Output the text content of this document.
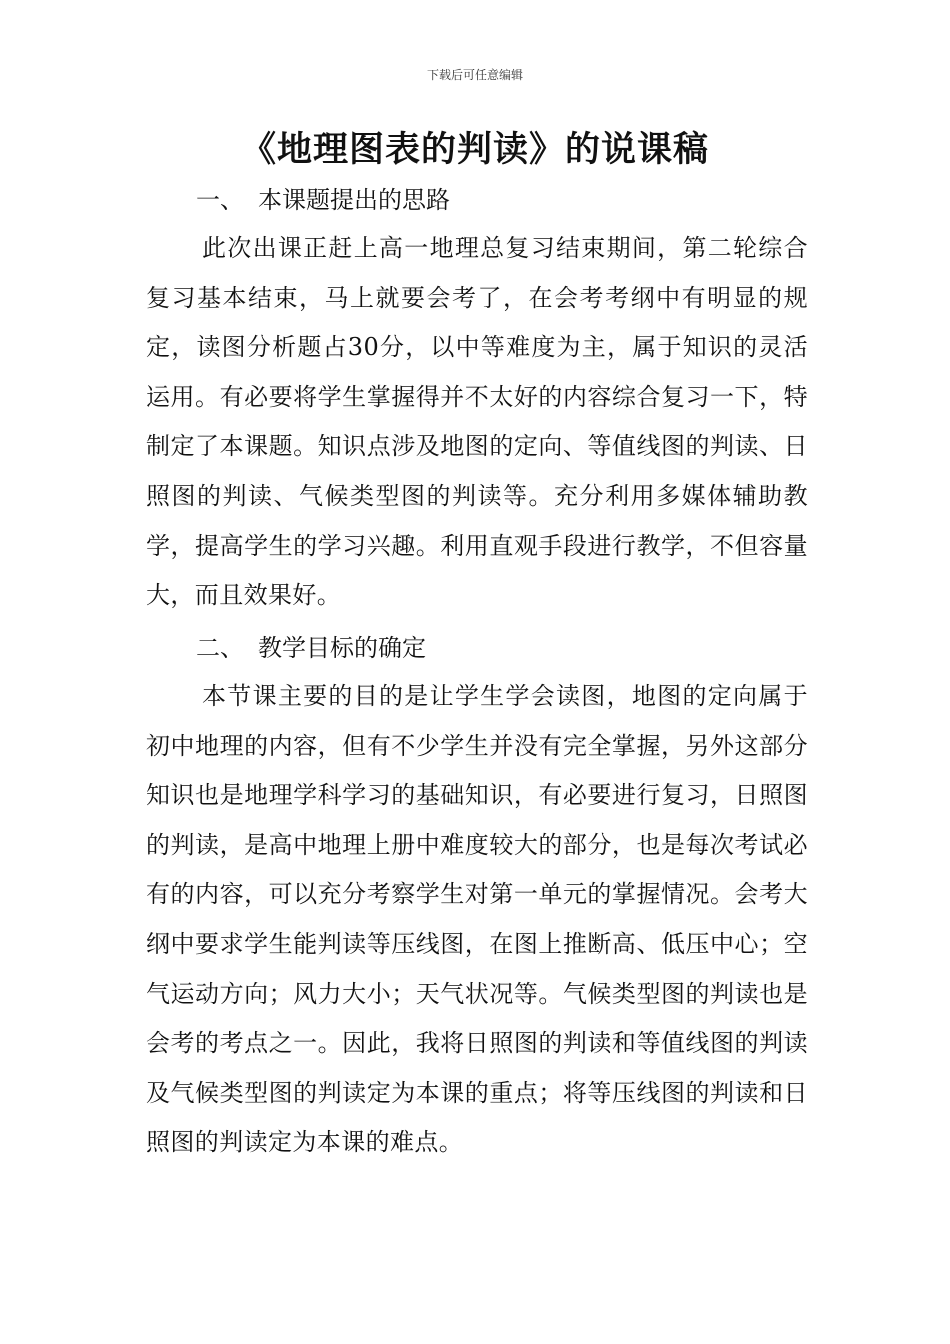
下载后可任意编辑
《地理图表的判读》的说课稿
一、 本课题提出的思路
此次出课正赶上高一地理总复习结束期间，第二轮综合复习基本结束，马上就要会考了，在会考考纲中有明显的规定，读图分析题占30分，以中等难度为主，属于知识的灵活运用。有必要将学生掌握得并不太好的内容综合复习一下，特制定了本课题。知识点涉及地图的定向、等值线图的判读、日照图的判读、气候类型图的判读等。充分利用多媒体辅助教学，提高学生的学习兴趣。利用直观手段进行教学，不但容量大，而且效果好。
二、 教学目标的确定
本节课主要的目的是让学生学会读图，地图的定向属于初中地理的内容，但有不少学生并没有完全掌握，另外这部分知识也是地理学科学习的基础知识，有必要进行复习，日照图的判读，是高中地理上册中难度较大的部分，也是每次考试必有的内容，可以充分考察学生对第一单元的掌握情况。会考大纲中要求学生能判读等压线图，在图上推断高、低压中心；空气运动方向；风力大小；天气状况等。气候类型图的判读也是会考的考点之一。因此，我将日照图的判读和等值线图的判读及气候类型图的判读定为本课的重点；将等压线图的判读和日照图的判读定为本课的难点。
